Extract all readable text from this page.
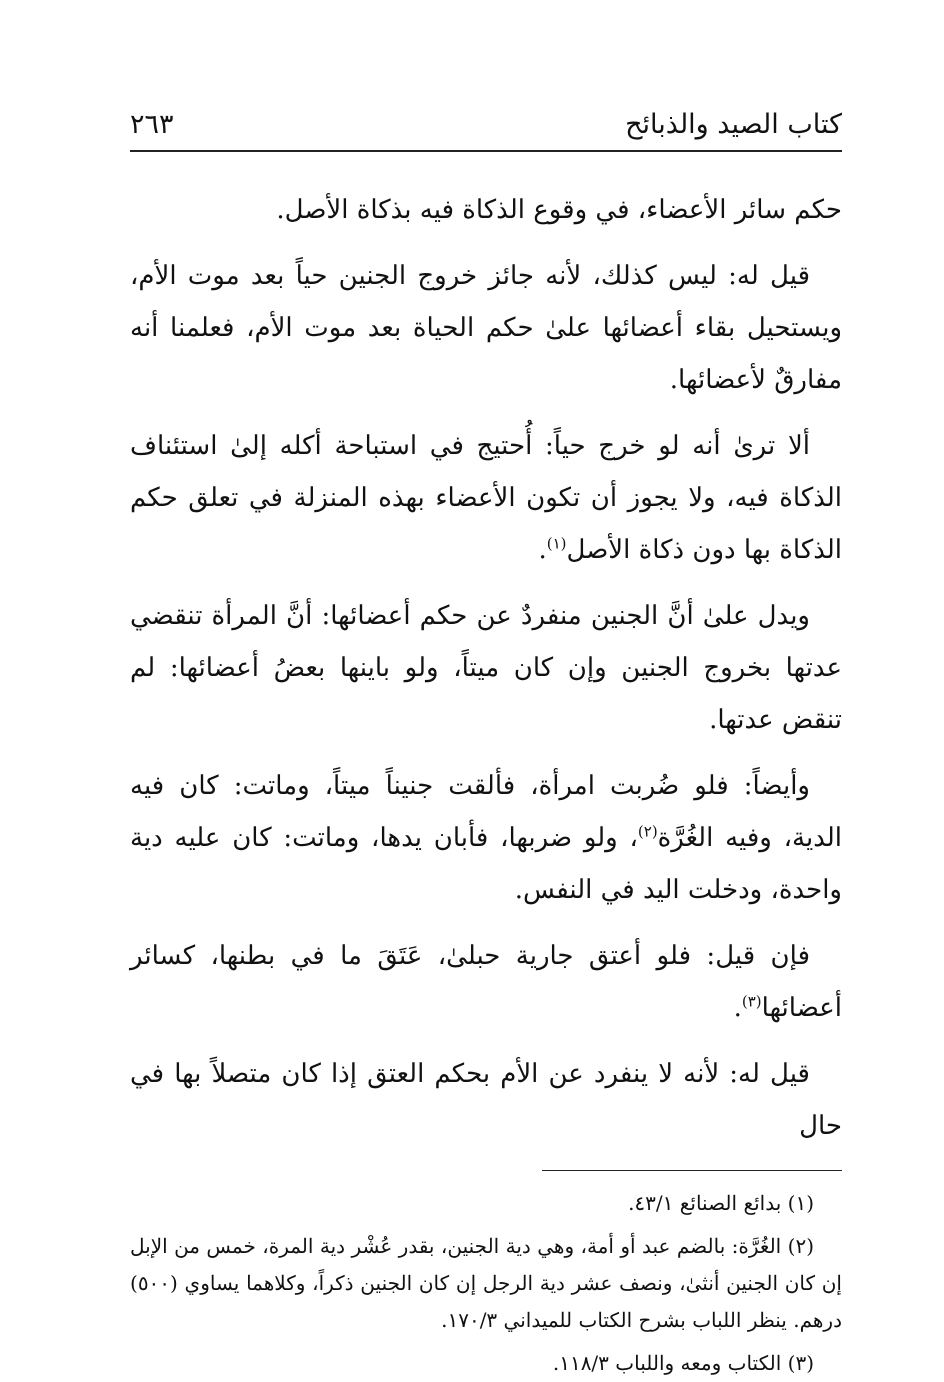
كتاب الصيد والذبائح
٢٦٣

حكم سائر الأعضاء، في وقوع الذكاة فيه بذكاة الأصل.

قيل له: ليس كذلك، لأنه جائز خروج الجنين حياً بعد موت الأم، ويستحيل بقاء أعضائها علىٰ حكم الحياة بعد موت الأم، فعلمنا أنه مفارقٌ لأعضائها.

ألا ترىٰ أنه لو خرج حياً: أُحتيج في استباحة أكله إلىٰ استئناف الذكاة فيه، ولا يجوز أن تكون الأعضاء بهذه المنزلة في تعلق حكم الذكاة بها دون ذكاة الأصل$^{(١)}$.

ويدل علىٰ أنَّ الجنين منفردٌ عن حكم أعضائها: أنَّ المرأة تنقضي عدتها بخروج الجنين وإن كان ميتاً، ولو باينها بعضُ أعضائها: لم تنقض عدتها.

وأيضاً: فلو ضُربت امرأة، فألقت جنيناً ميتاً، وماتت: كان فيه الدية، وفيه الغُرَّة$^{(٢)}$، ولو ضربها، فأبان يدها، وماتت: كان عليه دية واحدة، ودخلت اليد في النفس.

فإن قيل: فلو أعتق جارية حبلىٰ، عَتَقَ ما في بطنها، كسائر أعضائها$^{(٣)}$.

قيل له: لأنه لا ينفرد عن الأم بحكم العتق إذا كان متصلاً بها في حال

(١) بدائع الصنائع ٤٣/١.

(٢) الغُرَّة: بالضم عبد أو أمة، وهي دية الجنين، بقدر عُشْر دية المرة، خمس من الإبل إن كان الجنين أنثىٰ، ونصف عشر دية الرجل إن كان الجنين ذكراً، وكلاهما يساوي (٥٠٠) درهم. ينظر اللباب بشرح الكتاب للميداني ١٧٠/٣.

(٣) الكتاب ومعه واللباب ١١٨/٣.
